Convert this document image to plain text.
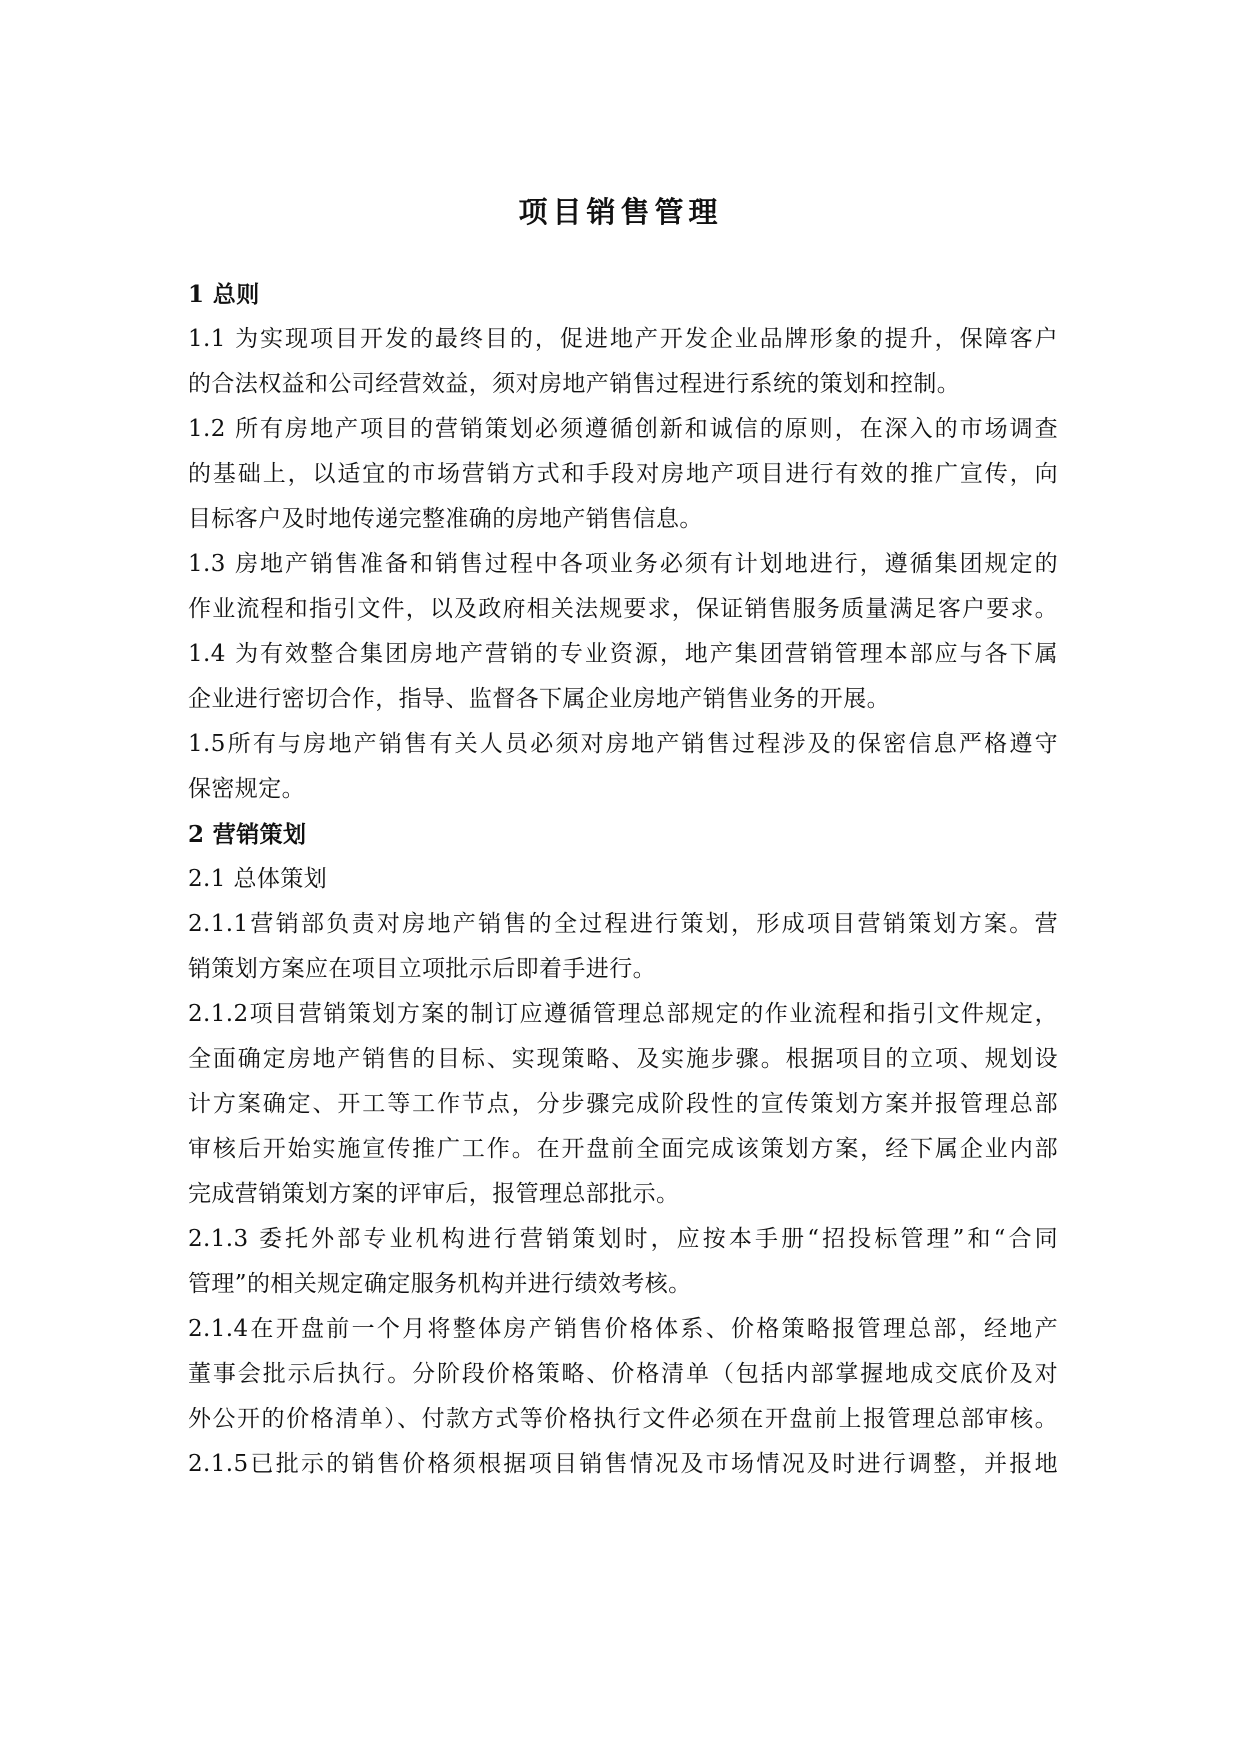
项目销售管理
1 总则
1.1 为实现项目开发的最终目的，促进地产开发企业品牌形象的提升，保障客户
的合法权益和公司经营效益，须对房地产销售过程进行系统的策划和控制。
1.2 所有房地产项目的营销策划必须遵循创新和诚信的原则，在深入的市场调查
的基础上，以适宜的市场营销方式和手段对房地产项目进行有效的推广宣传，向
目标客户及时地传递完整准确的房地产销售信息。
1.3 房地产销售准备和销售过程中各项业务必须有计划地进行，遵循集团规定的
作业流程和指引文件，以及政府相关法规要求，保证销售服务质量满足客户要求。
1.4 为有效整合集团房地产营销的专业资源，地产集团营销管理本部应与各下属
企业进行密切合作，指导、监督各下属企业房地产销售业务的开展。
1.5所有与房地产销售有关人员必须对房地产销售过程涉及的保密信息严格遵守
保密规定。
2 营销策划
2.1 总体策划
2.1.1营销部负责对房地产销售的全过程进行策划，形成项目营销策划方案。营
销策划方案应在项目立项批示后即着手进行。
2.1.2项目营销策划方案的制订应遵循管理总部规定的作业流程和指引文件规定，
全面确定房地产销售的目标、实现策略、及实施步骤。根据项目的立项、规划设
计方案确定、开工等工作节点，分步骤完成阶段性的宣传策划方案并报管理总部
审核后开始实施宣传推广工作。在开盘前全面完成该策划方案，经下属企业内部
完成营销策划方案的评审后，报管理总部批示。
2.1.3 委托外部专业机构进行营销策划时，应按本手册“招投标管理”和“合同
管理”的相关规定确定服务机构并进行绩效考核。
2.1.4在开盘前一个月将整体房产销售价格体系、价格策略报管理总部，经地产
董事会批示后执行。分阶段价格策略、价格清单（包括内部掌握地成交底价及对
外公开的价格清单）、付款方式等价格执行文件必须在开盘前上报管理总部审核。
2.1.5已批示的销售价格须根据项目销售情况及市场情况及时进行调整，并报地
